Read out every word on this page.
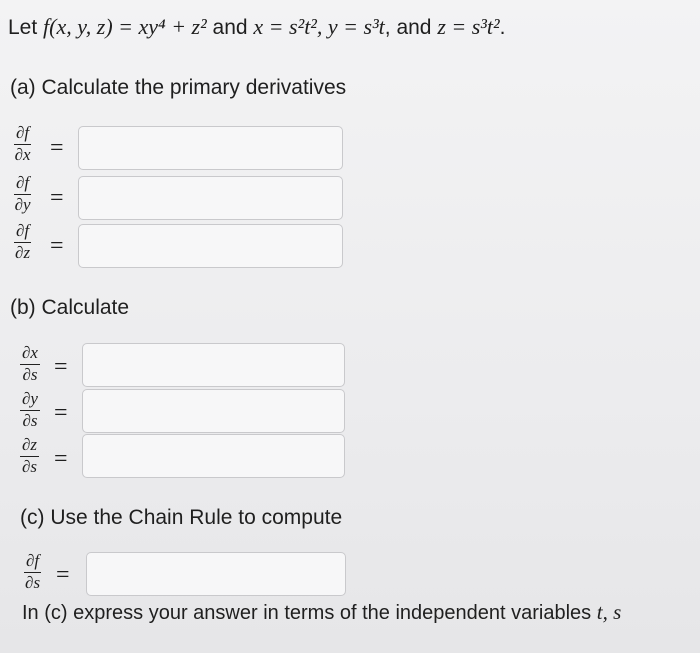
Let f(x, y, z) = xy⁴ + z² and x = s²t², y = s³t, and z = s³t².
(a) Calculate the primary derivatives
∂f
∂x =
∂f
∂y =
∂f
∂z =
(b) Calculate
∂x
∂s =
∂y
∂s =
∂z
∂s =
(c) Use the Chain Rule to compute
∂f
∂s =
In (c) express your answer in terms of the independent variables t, s
